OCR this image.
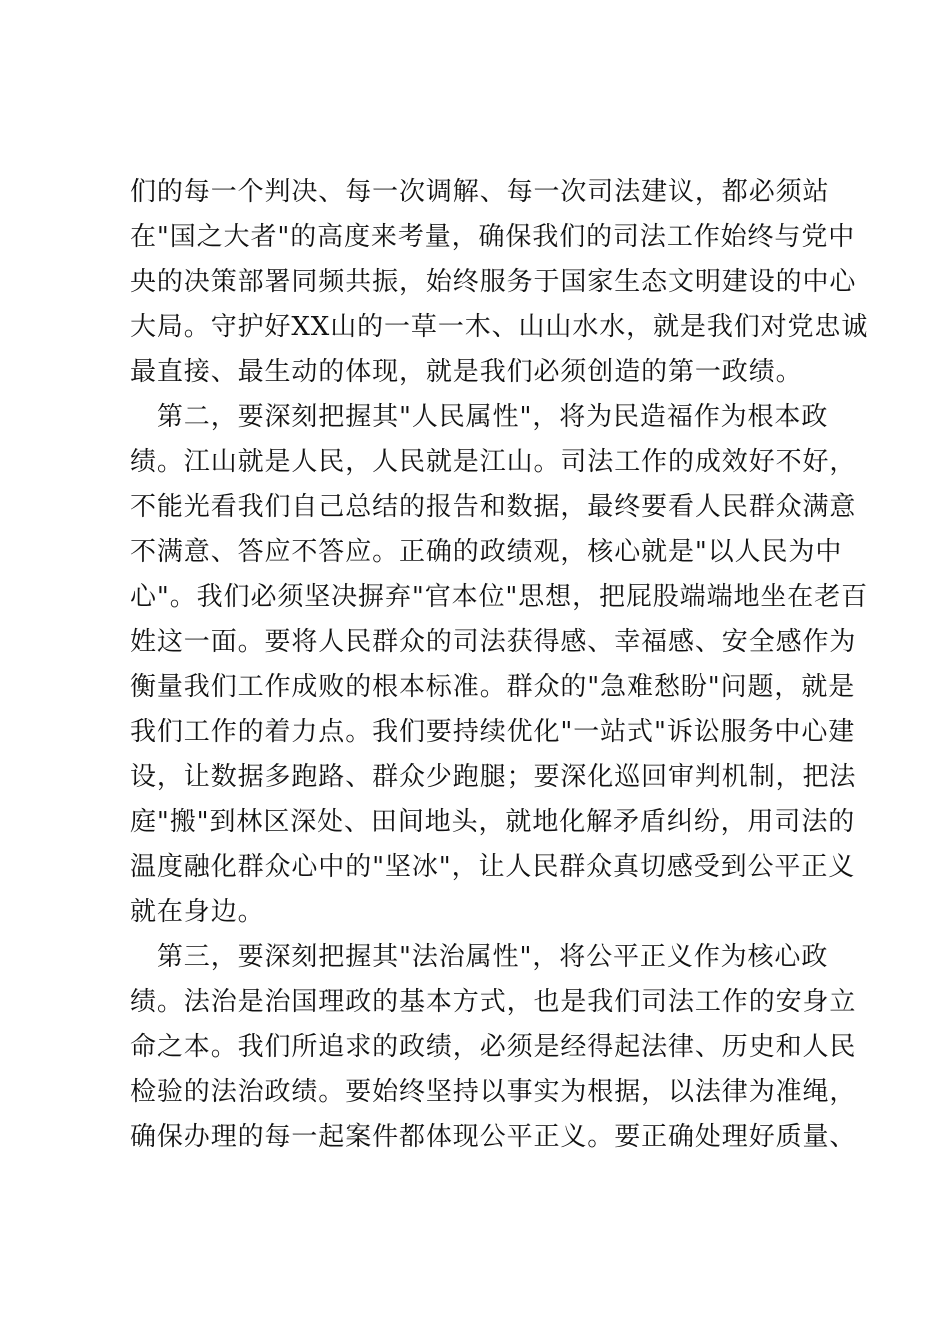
们的每一个判决、每一次调解、每一次司法建议，都必须站
在"国之大者"的高度来考量，确保我们的司法工作始终与党中
央的决策部署同频共振，始终服务于国家生态文明建设的中心
大局。守护好XX山的一草一木、山山水水，就是我们对党忠诚
最直接、最生动的体现，就是我们必须创造的第一政绩。
　第二，要深刻把握其"人民属性"，将为民造福作为根本政
绩。江山就是人民，人民就是江山。司法工作的成效好不好，
不能光看我们自己总结的报告和数据，最终要看人民群众满意
不满意、答应不答应。正确的政绩观，核心就是"以人民为中
心"。我们必须坚决摒弃"官本位"思想，把屁股端端地坐在老百
姓这一面。要将人民群众的司法获得感、幸福感、安全感作为
衡量我们工作成败的根本标准。群众的"急难愁盼"问题，就是
我们工作的着力点。我们要持续优化"一站式"诉讼服务中心建
设，让数据多跑路、群众少跑腿；要深化巡回审判机制，把法
庭"搬"到林区深处、田间地头，就地化解矛盾纠纷，用司法的
温度融化群众心中的"坚冰"，让人民群众真切感受到公平正义
就在身边。
　第三，要深刻把握其"法治属性"，将公平正义作为核心政
绩。法治是治国理政的基本方式，也是我们司法工作的安身立
命之本。我们所追求的政绩，必须是经得起法律、历史和人民
检验的法治政绩。要始终坚持以事实为根据，以法律为准绳，
确保办理的每一起案件都体现公平正义。要正确处理好质量、
